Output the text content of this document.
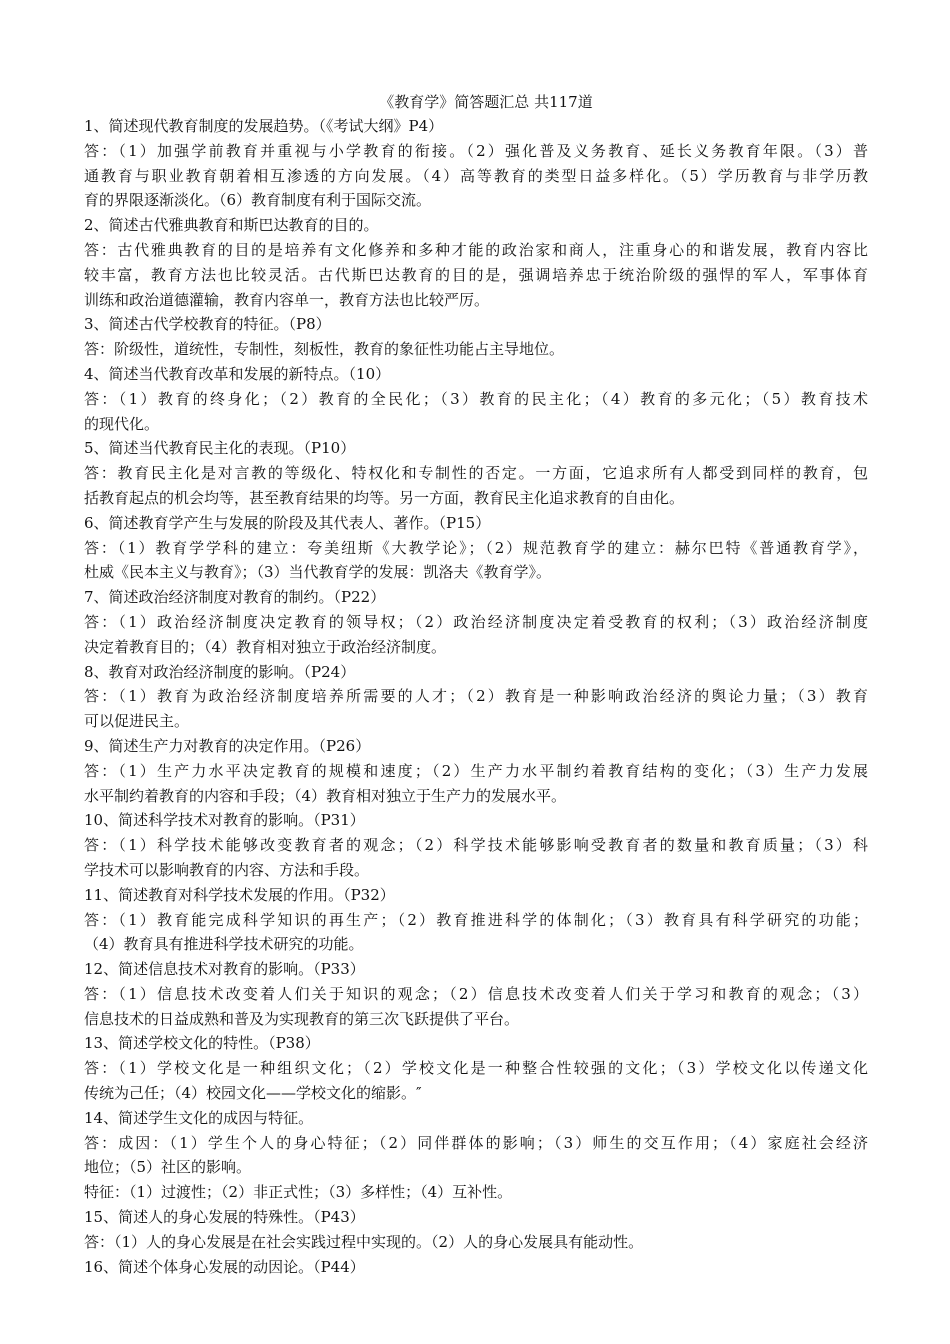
《教育学》简答题汇总 共117道
1、简述现代教育制度的发展趋势。（《考试大纲》P4）
答：（1）加强学前教育并重视与小学教育的衔接。（2）强化普及义务教育、延长义务教育年限。（3）普
通教育与职业教育朝着相互渗透的方向发展。（4）高等教育的类型日益多样化。（5）学历教育与非学历教
育的界限逐渐淡化。（6）教育制度有利于国际交流。
2、简述古代雅典教育和斯巴达教育的目的。
答：古代雅典教育的目的是培养有文化修养和多种才能的政治家和商人，注重身心的和谐发展，教育内容比
较丰富，教育方法也比较灵活。古代斯巴达教育的目的是，强调培养忠于统治阶级的强悍的军人，军事体育
训练和政治道德灌输，教育内容单一，教育方法也比较严厉。
3、简述古代学校教育的特征。（P8）
答：阶级性，道统性，专制性，刻板性，教育的象征性功能占主导地位。
4、简述当代教育改革和发展的新特点。（10）
答：（1）教育的终身化；（2）教育的全民化；（3）教育的民主化；（4）教育的多元化；（5）教育技术
的现代化。
5、简述当代教育民主化的表现。（P10）
答：教育民主化是对言教的等级化、特权化和专制性的否定。一方面，它追求所有人都受到同样的教育，包
括教育起点的机会均等，甚至教育结果的均等。另一方面，教育民主化追求教育的自由化。
6、简述教育学产生与发展的阶段及其代表人、著作。（P15）
答：（1）教育学学科的建立：夸美纽斯《大教学论》；（2）规范教育学的建立：赫尔巴特《普通教育学》，
杜威《民本主义与教育》；（3）当代教育学的发展：凯洛夫《教育学》。
7、简述政治经济制度对教育的制约。（P22）
答：（1）政治经济制度决定教育的领导权；（2）政治经济制度决定着受教育的权利；（3）政治经济制度
决定着教育目的；（4）教育相对独立于政治经济制度。
8、教育对政治经济制度的影响。（P24）
答：（1）教育为政治经济制度培养所需要的人才；（2）教育是一种影响政治经济的舆论力量；（3）教育
可以促进民主。
9、简述生产力对教育的决定作用。（P26）
答：（1）生产力水平决定教育的规模和速度；（2）生产力水平制约着教育结构的变化；（3）生产力发展
水平制约着教育的内容和手段；（4）教育相对独立于生产力的发展水平。
10、简述科学技术对教育的影响。（P31）
答：（1）科学技术能够改变教育者的观念；（2）科学技术能够影响受教育者的数量和教育质量；（3）科
学技术可以影响教育的内容、方法和手段。
11、简述教育对科学技术发展的作用。（P32）
答：（1）教育能完成科学知识的再生产；（2）教育推进科学的体制化；（3）教育具有科学研究的功能；
（4）教育具有推进科学技术研究的功能。
12、简述信息技术对教育的影响。（P33）
答：（1）信息技术改变着人们关于知识的观念；（2）信息技术改变着人们关于学习和教育的观念；（3）
信息技术的日益成熟和普及为实现教育的第三次飞跃提供了平台。
13、简述学校文化的特性。（P38）
答：（1）学校文化是一种组织文化；（2）学校文化是一种整合性较强的文化；（3）学校文化以传递文化
传统为己任；（4）校园文化——学校文化的缩影。″
14、简述学生文化的成因与特征。
答：成因：（1）学生个人的身心特征；（2）同伴群体的影响；（3）师生的交互作用；（4）家庭社会经济
地位；（5）社区的影响。
特征：（1）过渡性；（2）非正式性；（3）多样性；（4）互补性。
15、简述人的身心发展的特殊性。（P43）
答：（1）人的身心发展是在社会实践过程中实现的。（2）人的身心发展具有能动性。
16、简述个体身心发展的动因论。（P44）
